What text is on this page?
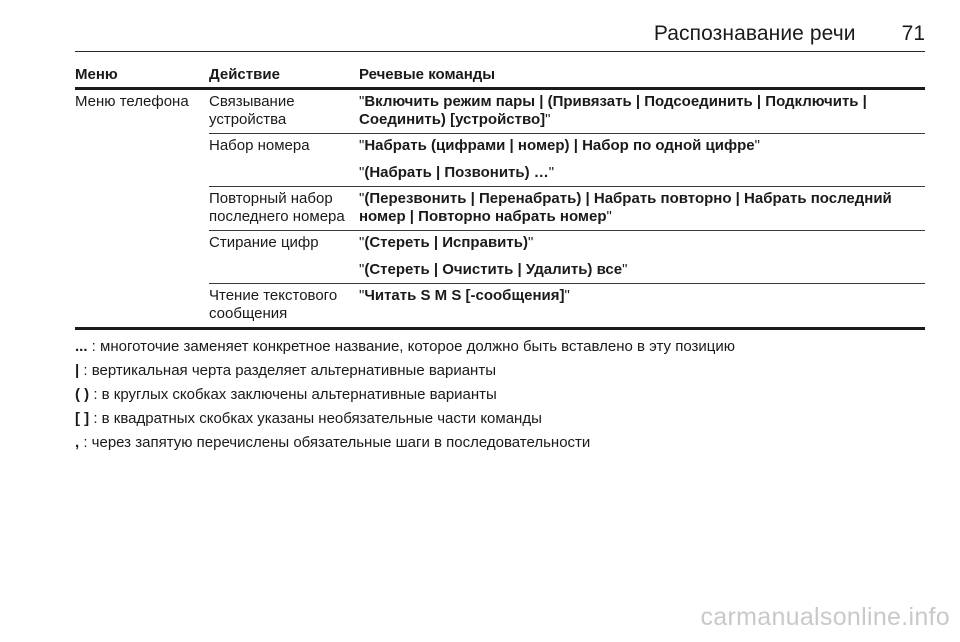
Распознавание речи 71
Меню	Действие	Речевые команды
Меню телефона	Связывание устройства	"Включить режим пары | (Привязать | Подсоединить | Подключить | Соединить) [устройство]"

	Набор номера	"Набрать (цифрами | номер) | Набор по одной цифре"

"(Набрать | Позвонить) …"

	Повторный набор последнего номера	"(Перезвонить | Перенабрать) | Набрать повторно | Набрать последний номер | Повторно набрать номер"

	Стирание цифр	"(Стереть | Исправить)"

"(Стереть | Очистить | Удалить) все"

	Чтение текстового сообщения	"Читать S M S [-сообщения]"

... : многоточие заменяет конкретное название, которое должно быть вставлено в эту позицию

| : вертикальная черта разделяет альтернативные варианты

( ) : в круглых скобках заключены альтернативные варианты

[ ] : в квадратных скобках указаны необязательные части команды

, : через запятую перечислены обязательные шаги в последовательности

carmanualsonline.info
